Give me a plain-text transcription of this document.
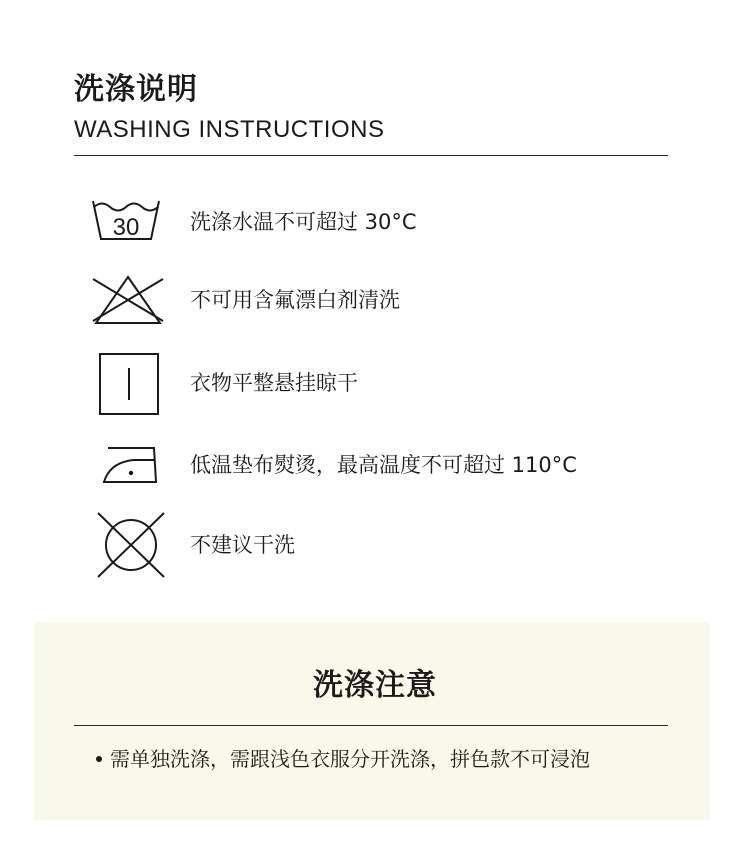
洗涤说明
WASHING INSTRUCTIONS
30 洗涤水温不可超过 30°C
不可用含氟漂白剂清洗
衣物平整悬挂晾干
低温垫布熨烫，最高温度不可超过 110°C
不建议干洗
洗涤注意
需单独洗涤，需跟浅色衣服分开洗涤，拼色款不可浸泡
